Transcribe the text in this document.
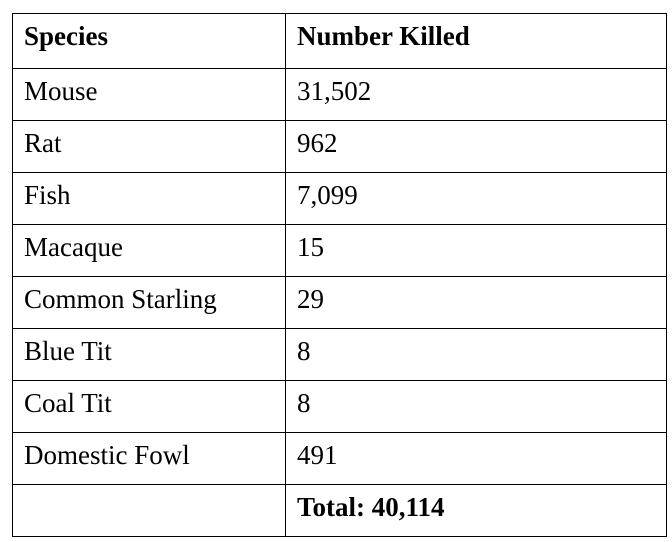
Species	Number Killed
Mouse	31,502
Rat	962
Fish	7,099
Macaque	15
Common Starling	29
Blue Tit	8
Coal Tit	8
Domestic Fowl	491
	Total: 40,114
